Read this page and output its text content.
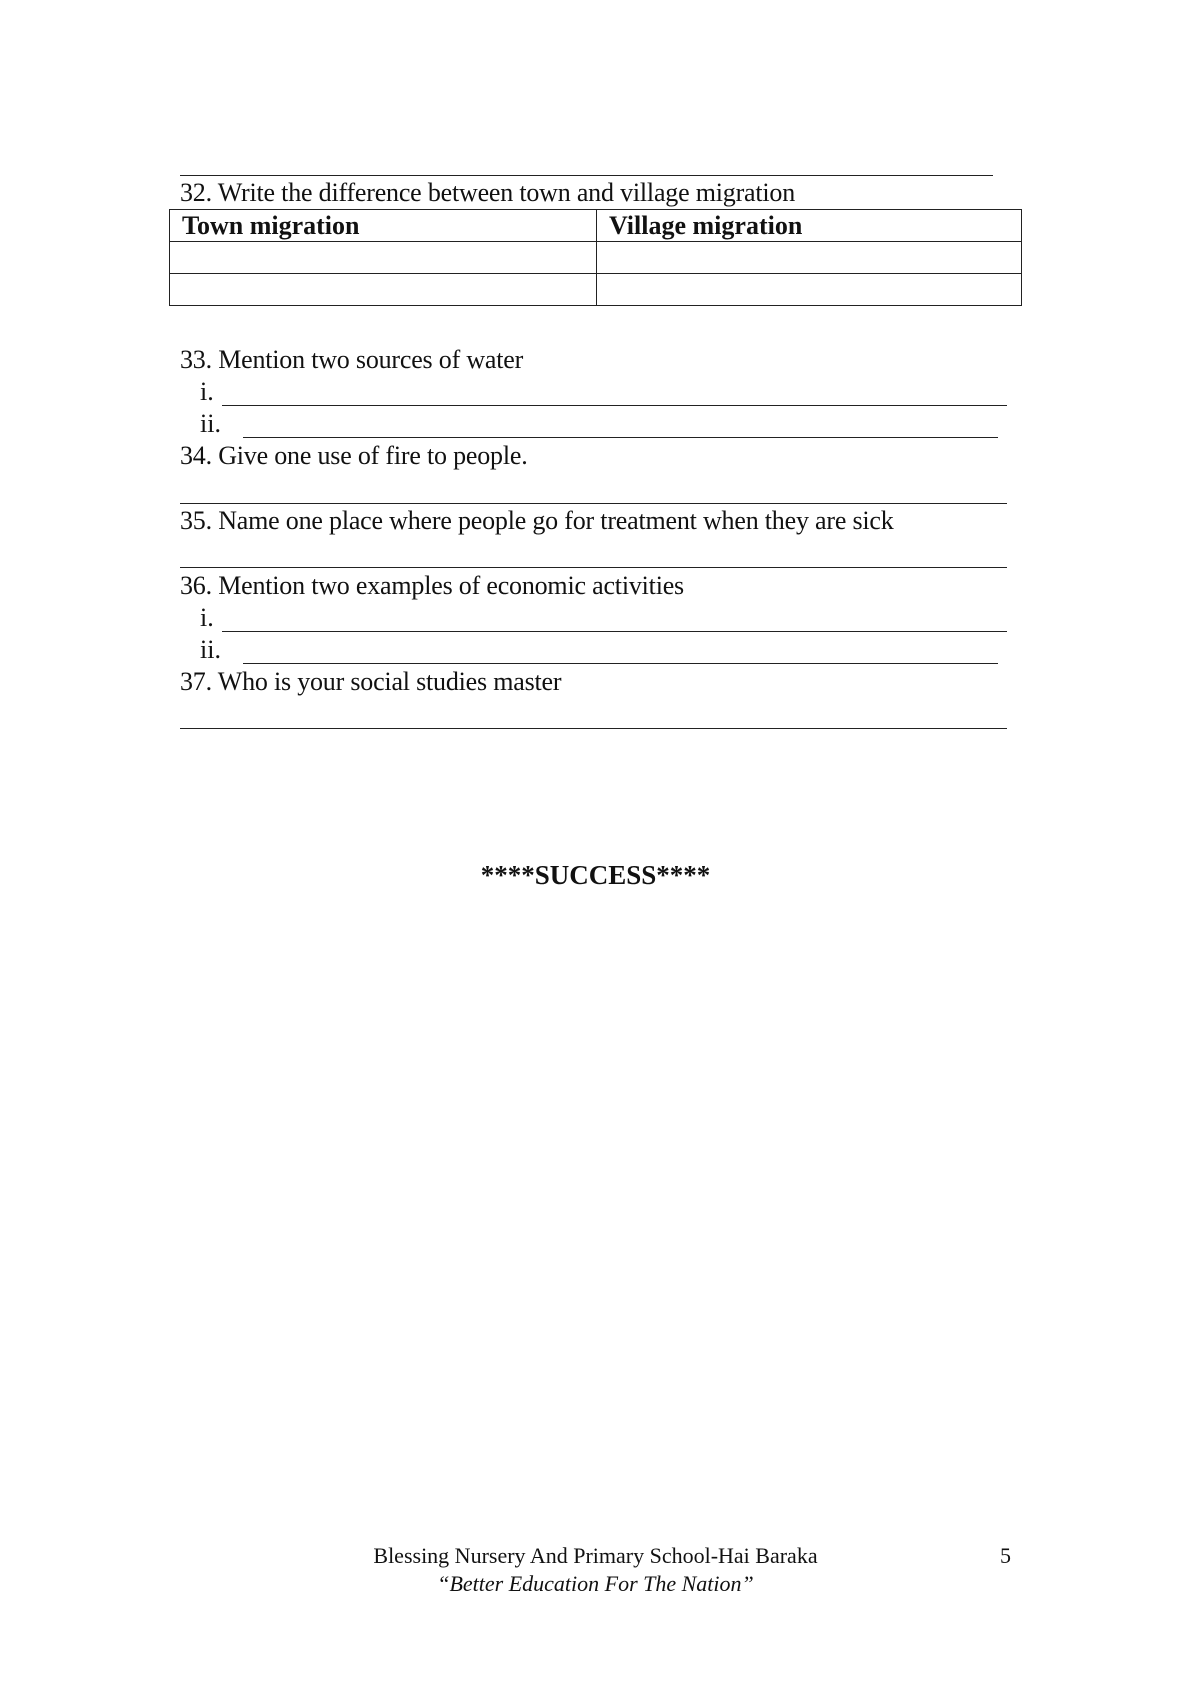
32. Write the difference between town and village migration
Town migration	Village migration

33. Mention two sources of water
i.
ii.
34. Give one use of fire to people.
35. Name one place where people go for treatment when they are sick
36. Mention two examples of economic activities
i.
ii.
37. Who is your social studies master
****SUCCESS****
Blessing Nursery And Primary School-Hai Baraka
“Better Education For The Nation”
5
